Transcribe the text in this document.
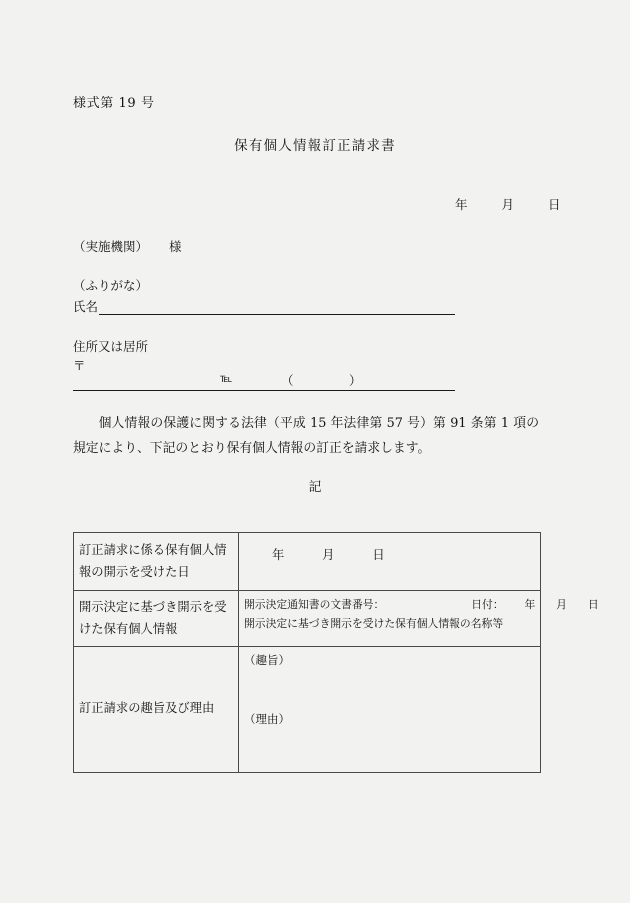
様式第 19 号
保有個人情報訂正請求書
年	月	日
（実施機関） 様
（ふりがな）
氏名
住所又は居所
〒
℡	（	）
個人情報の保護に関する法律（平成 15 年法律第 57 号）第 91 条第 1 項の規定により、下記のとおり保有個人情報の訂正を請求します。
記
訂正請求に係る保有個人情報の開示を受けた日	年 月 日

開示決定に基づき開示を受けた保有個人情報	開示決定通知書の文書番号： 日付： 年 月 日
開示決定に基づき開示を受けた保有個人情報の名称等

訂正請求の趣旨及び理由	（趣旨）
（理由）
